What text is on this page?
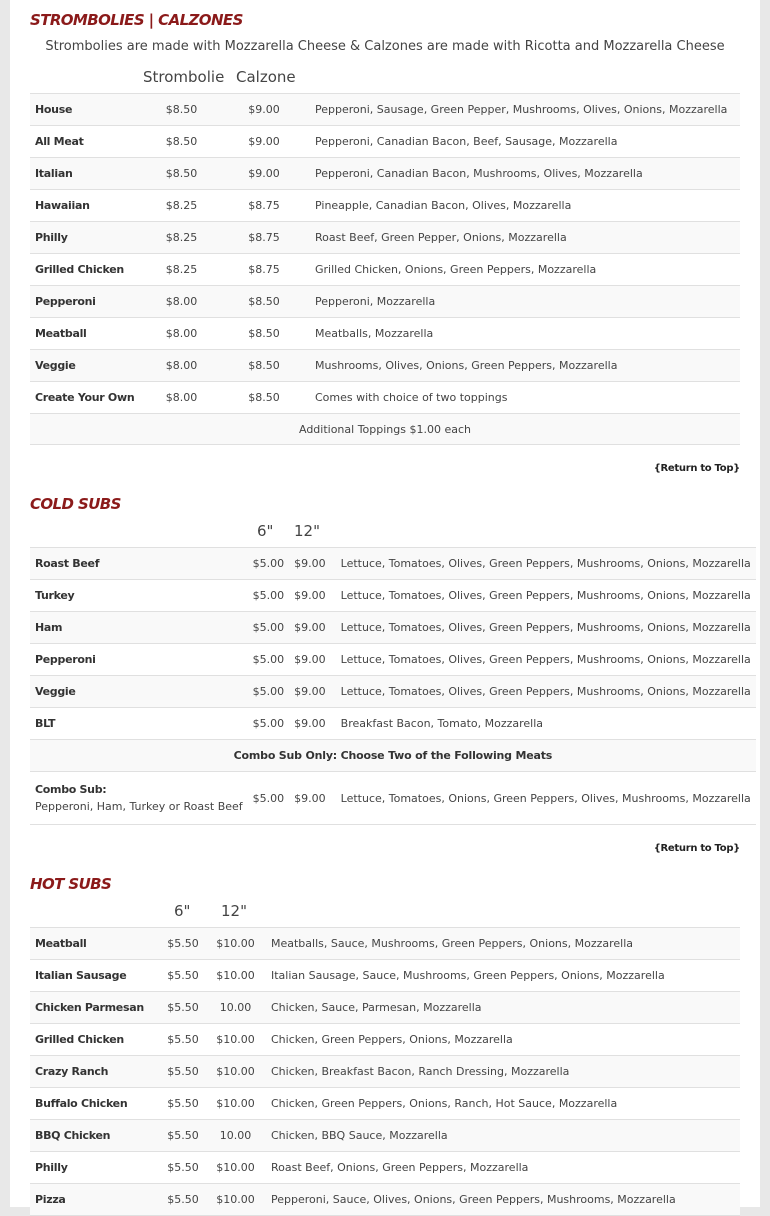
STROMBOLIES | CALZONES
Strombolies are made with Mozzarella Cheese & Calzones are made with Ricotta and Mozzarella Cheese
Strombolie Calzone
House	$8.50	$9.00	Pepperoni, Sausage, Green Pepper, Mushrooms, Olives, Onions, Mozzarella
All Meat	$8.50	$9.00	Pepperoni, Canadian Bacon, Beef, Sausage, Mozzarella
Italian	$8.50	$9.00	Pepperoni, Canadian Bacon, Mushrooms, Olives, Mozzarella
Hawaiian	$8.25	$8.75	Pineapple, Canadian Bacon, Olives, Mozzarella
Philly	$8.25	$8.75	Roast Beef, Green Pepper, Onions, Mozzarella
Grilled Chicken	$8.25	$8.75	Grilled Chicken, Onions, Green Peppers, Mozzarella
Pepperoni	$8.00	$8.50	Pepperoni, Mozzarella
Meatball	$8.00	$8.50	Meatballs, Mozzarella
Veggie	$8.00	$8.50	Mushrooms, Olives, Onions, Green Peppers, Mozzarella
Create Your Own	$8.00	$8.50	Comes with choice of two toppings
Additional Toppings $1.00 each			
{Return to Top}
COLD SUBS
6" 12"
Roast Beef	$5.00	$9.00	Lettuce, Tomatoes, Olives, Green Peppers, Mushrooms, Onions, Mozzarella
Turkey	$5.00	$9.00	Lettuce, Tomatoes, Olives, Green Peppers, Mushrooms, Onions, Mozzarella
Ham	$5.00	$9.00	Lettuce, Tomatoes, Olives, Green Peppers, Mushrooms, Onions, Mozzarella
Pepperoni	$5.00	$9.00	Lettuce, Tomatoes, Olives, Green Peppers, Mushrooms, Onions, Mozzarella
Veggie	$5.00	$9.00	Lettuce, Tomatoes, Olives, Green Peppers, Mushrooms, Onions, Mozzarella
BLT	$5.00	$9.00	Breakfast Bacon, Tomato, Mozzarella
Combo Sub Only: Choose Two of the Following Meats			
Combo Sub:
Pepperoni, Ham, Turkey or Roast Beef	$5.00	$9.00	Lettuce, Tomatoes, Onions, Green Peppers, Olives, Mushrooms, Mozzarella
{Return to Top}
HOT SUBS
6" 12"
Meatball	$5.50	$10.00	Meatballs, Sauce, Mushrooms, Green Peppers, Onions, Mozzarella
Italian Sausage	$5.50	$10.00	Italian Sausage, Sauce, Mushrooms, Green Peppers, Onions, Mozzarella
Chicken Parmesan	$5.50	10.00	Chicken, Sauce, Parmesan, Mozzarella
Grilled Chicken	$5.50	$10.00	Chicken, Green Peppers, Onions, Mozzarella
Crazy Ranch	$5.50	$10.00	Chicken, Breakfast Bacon, Ranch Dressing, Mozzarella
Buffalo Chicken	$5.50	$10.00	Chicken, Green Peppers, Onions, Ranch, Hot Sauce, Mozzarella
BBQ Chicken	$5.50	10.00	Chicken, BBQ Sauce, Mozzarella
Philly	$5.50	$10.00	Roast Beef, Onions, Green Peppers, Mozzarella
Pizza	$5.50	$10.00	Pepperoni, Sauce, Olives, Onions, Green Peppers, Mushrooms, Mozzarella
